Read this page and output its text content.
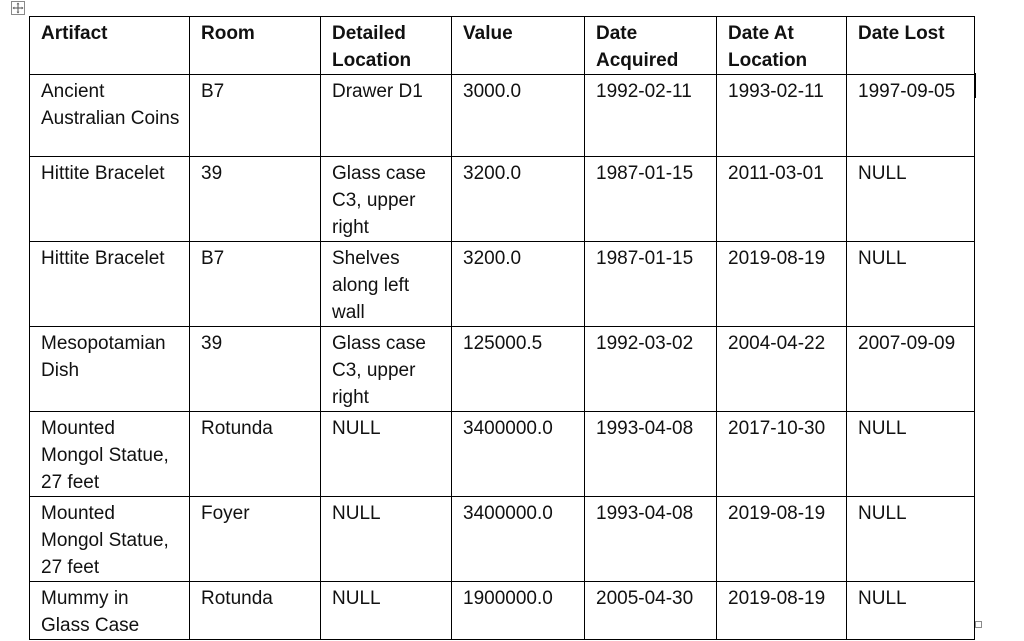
Artifact	Room	Detailed Location	Value	Date Acquired	Date At Location	Date Lost
Ancient Australian Coins	B7	Drawer D1	3000.0	1992-02-11	1993-02-11	1997-09-05
Hittite Bracelet	39	Glass case C3, upper right	3200.0	1987-01-15	2011-03-01	NULL
Hittite Bracelet	B7	Shelves along left wall	3200.0	1987-01-15	2019-08-19	NULL
Mesopotamian Dish	39	Glass case C3, upper right	125000.5	1992-03-02	2004-04-22	2007-09-09
Mounted Mongol Statue, 27 feet	Rotunda	NULL	3400000.0	1993-04-08	2017-10-30	NULL
Mounted Mongol Statue, 27 feet	Foyer	NULL	3400000.0	1993-04-08	2019-08-19	NULL
Mummy in Glass Case	Rotunda	NULL	1900000.0	2005-04-30	2019-08-19	NULL
